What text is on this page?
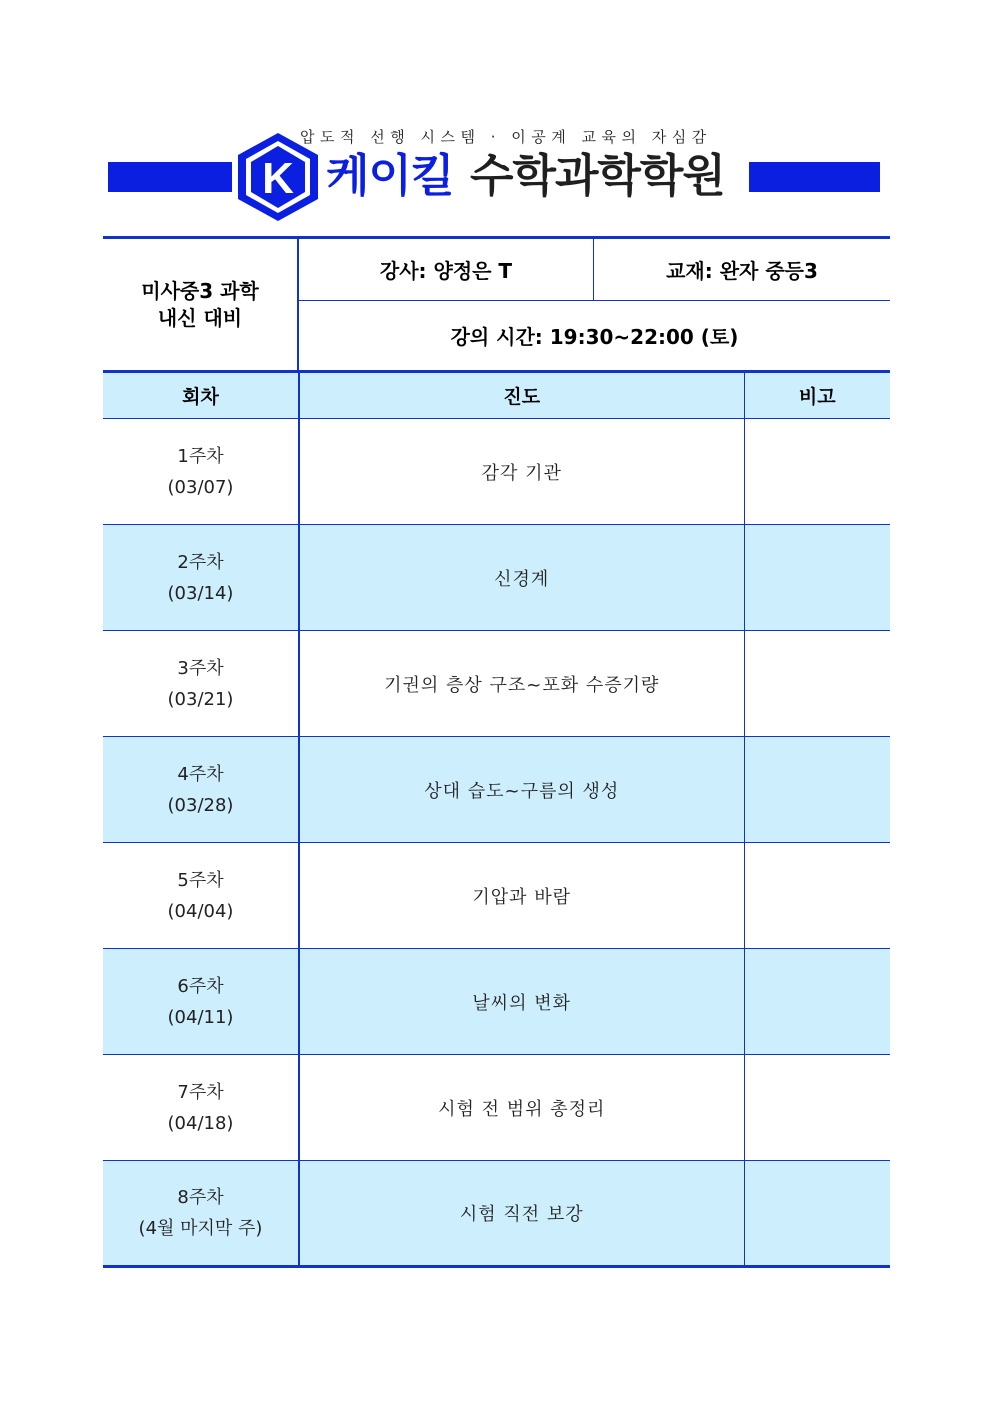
압도적 선행 시스템 · 이공계 교육의 자심감
K 케이킬 수학과학학원
미사중3 과학
내신 대비
강사: 양정은 T	교재: 완자 중등3
강의 시간: 19:30~22:00 (토)
회차	진도	비고

1주차
(03/07)	감각 기관	

2주차
(03/14)	신경계	

3주차
(03/21)	기권의 층상 구조~포화 수증기량	

4주차
(03/28)	상대 습도~구름의 생성	

5주차
(04/04)	기압과 바람	

6주차
(04/11)	날씨의 변화	

7주차
(04/18)	시험 전 범위 총정리	

8주차
(4월 마지막 주)	시험 직전 보강	
